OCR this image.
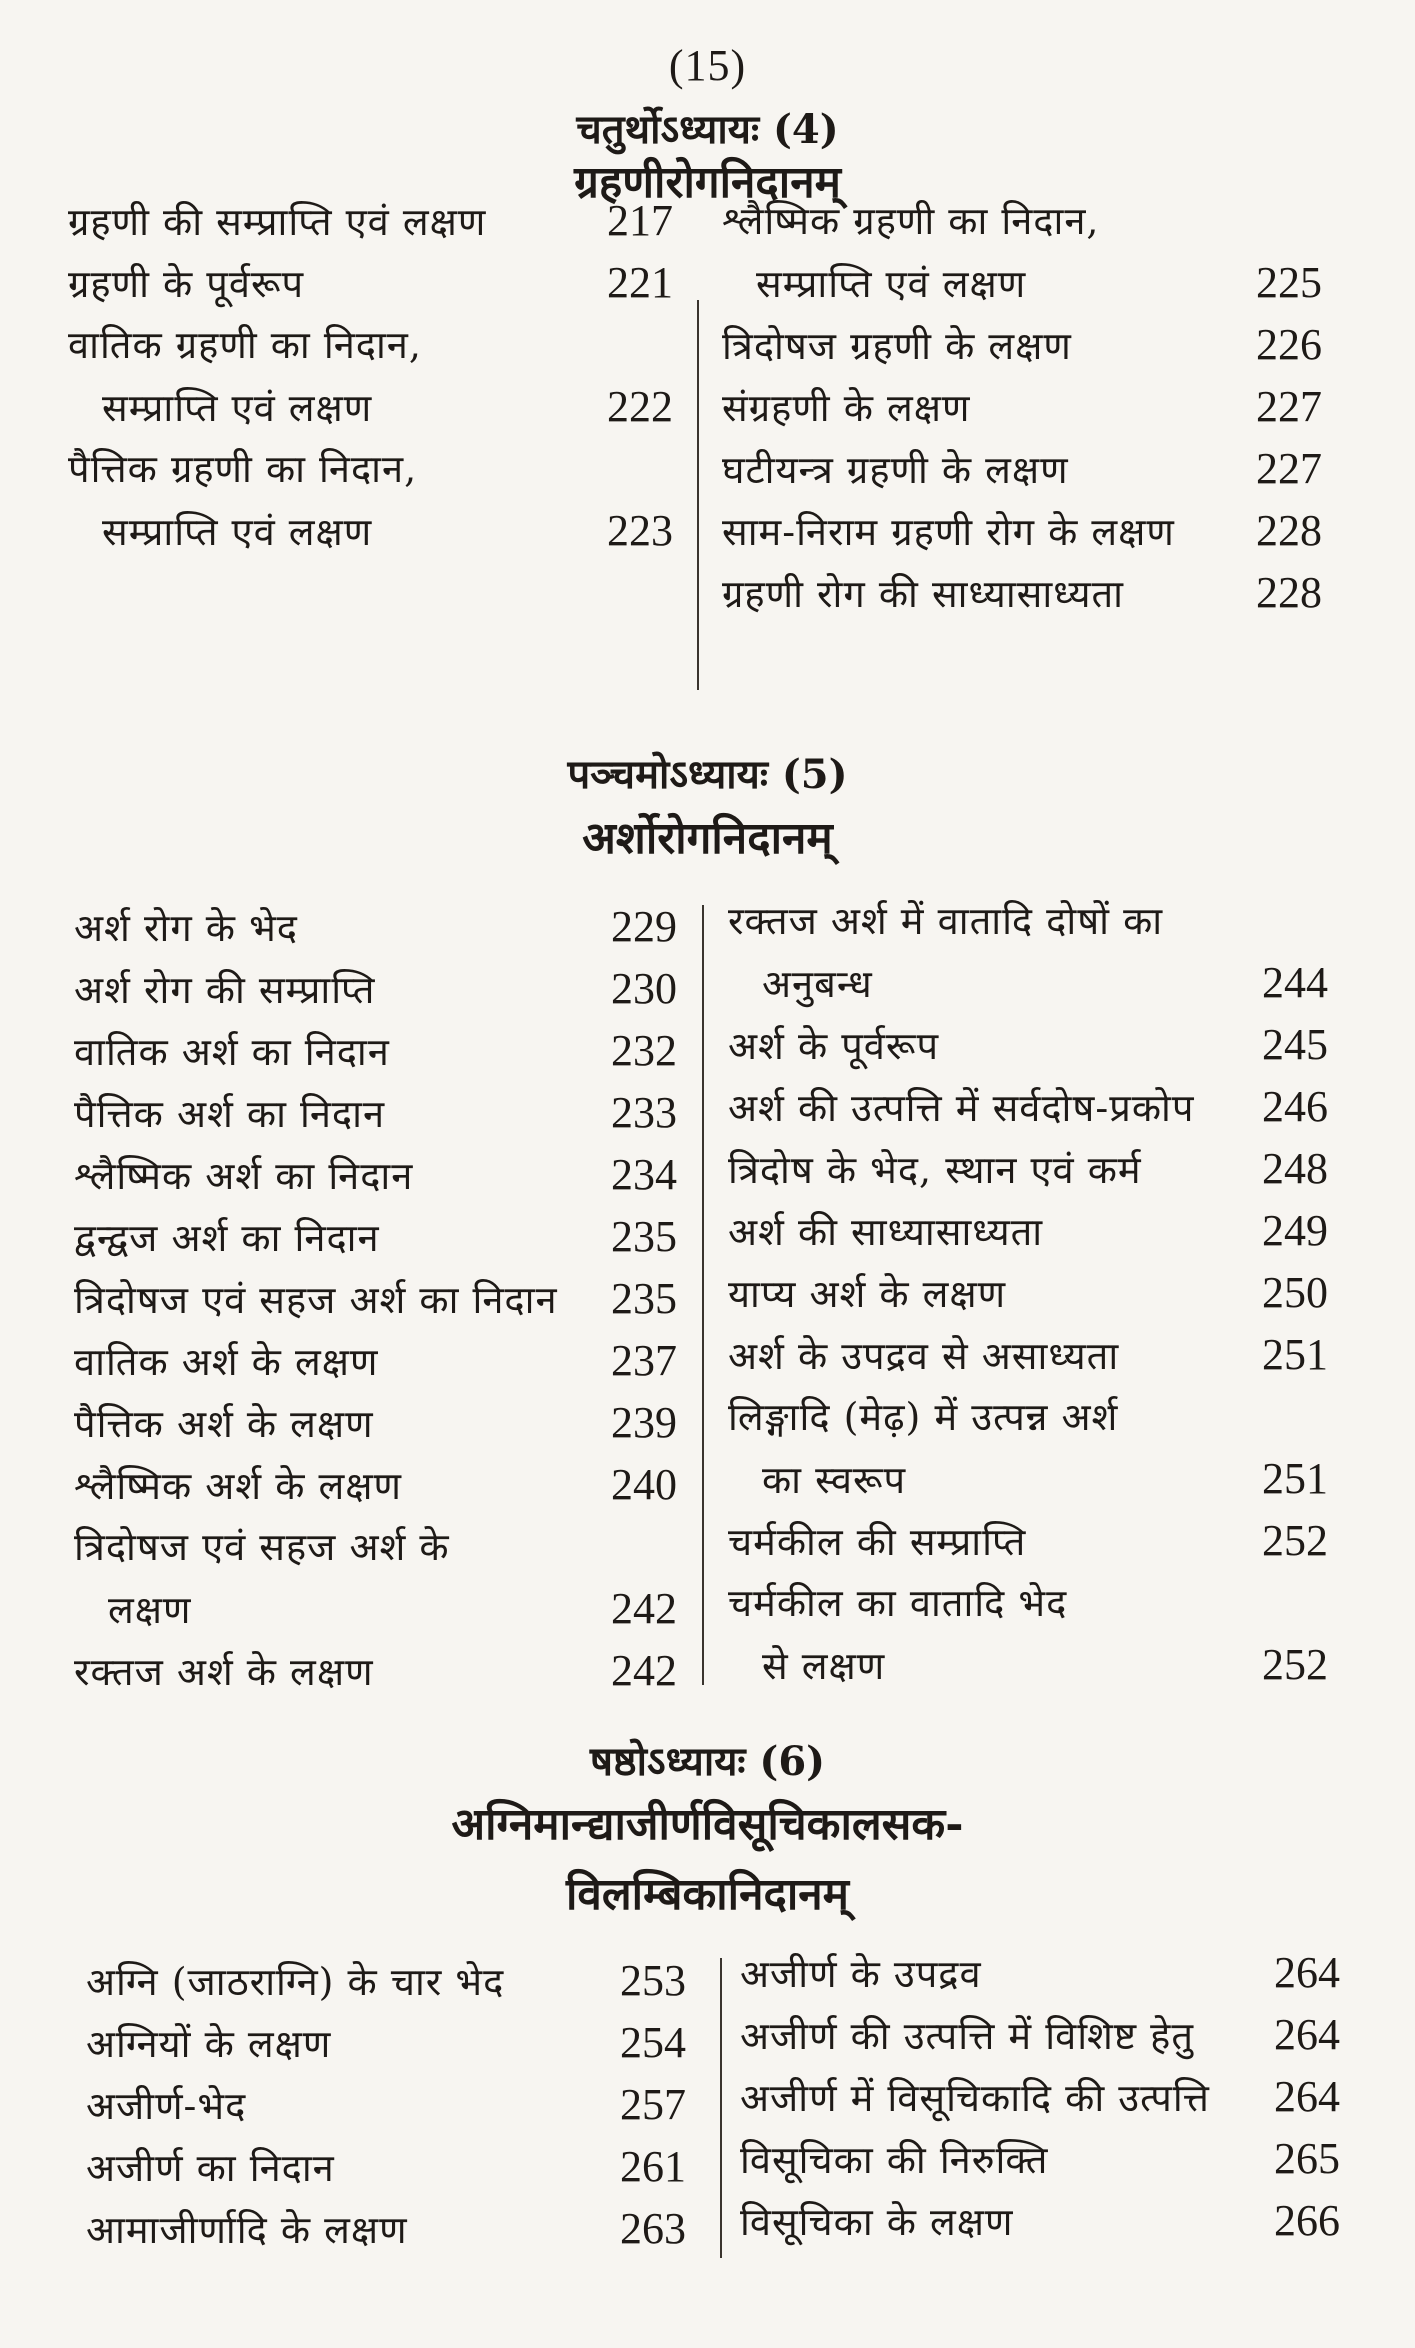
(15)
चतुर्थोऽध्यायः (4)
ग्रहणीरोगनिदानम्
ग्रहणी की सम्प्राप्ति एवं लक्षण	217
ग्रहणी के पूर्वरूप	221
वातिक ग्रहणी का निदान,
सम्प्राप्ति एवं लक्षण	222
पैत्तिक ग्रहणी का निदान,
सम्प्राप्ति एवं लक्षण	223
श्लैष्मिक ग्रहणी का निदान,
सम्प्राप्ति एवं लक्षण	225
त्रिदोषज ग्रहणी के लक्षण	226
संग्रहणी के लक्षण	227
घटीयन्त्र ग्रहणी के लक्षण	227
साम-निराम ग्रहणी रोग के लक्षण 228
ग्रहणी रोग की साध्यासाध्यता	228
पञ्चमोऽध्यायः (5)
अर्शोरोगनिदानम्
अर्श रोग के भेद	229
अर्श रोग की सम्प्राप्ति	230
वातिक अर्श का निदान	232
पैत्तिक अर्श का निदान	233
श्लैष्मिक अर्श का निदान	234
द्वन्द्वज अर्श का निदान	235
त्रिदोषज एवं सहज अर्श का निदान 235
वातिक अर्श के लक्षण	237
पैत्तिक अर्श के लक्षण	239
श्लैष्मिक अर्श के लक्षण	240
त्रिदोषज एवं सहज अर्श के
लक्षण	242
रक्तज अर्श के लक्षण	242
रक्तज अर्श में वातादि दोषों का
अनुबन्ध	244
अर्श के पूर्वरूप	245
अर्श की उत्पत्ति में सर्वदोष-प्रकोप 246
त्रिदोष के भेद, स्थान एवं कर्म	248
अर्श की साध्यासाध्यता	249
याप्य अर्श के लक्षण	250
अर्श के उपद्रव से असाध्यता	251
लिङ्गादि (मेढ़) में उत्पन्न अर्श
का स्वरूप	251
चर्मकील की सम्प्राप्ति	252
चर्मकील का वातादि भेद
से लक्षण	252
षष्ठोऽध्यायः (6)
अग्निमान्द्याजीर्णविसूचिकालसक-
विलम्बिकानिदानम्
अग्नि (जाठराग्नि) के चार भेद	253
अग्नियों के लक्षण	254
अजीर्ण-भेद	257
अजीर्ण का निदान	261
आमाजीर्णादि के लक्षण	263
अजीर्ण के उपद्रव	264
अजीर्ण की उत्पत्ति में विशिष्ट हेतु 264
अजीर्ण में विसूचिकादि की उत्पत्ति 264
विसूचिका की निरुक्ति	265
विसूचिका के लक्षण	266
